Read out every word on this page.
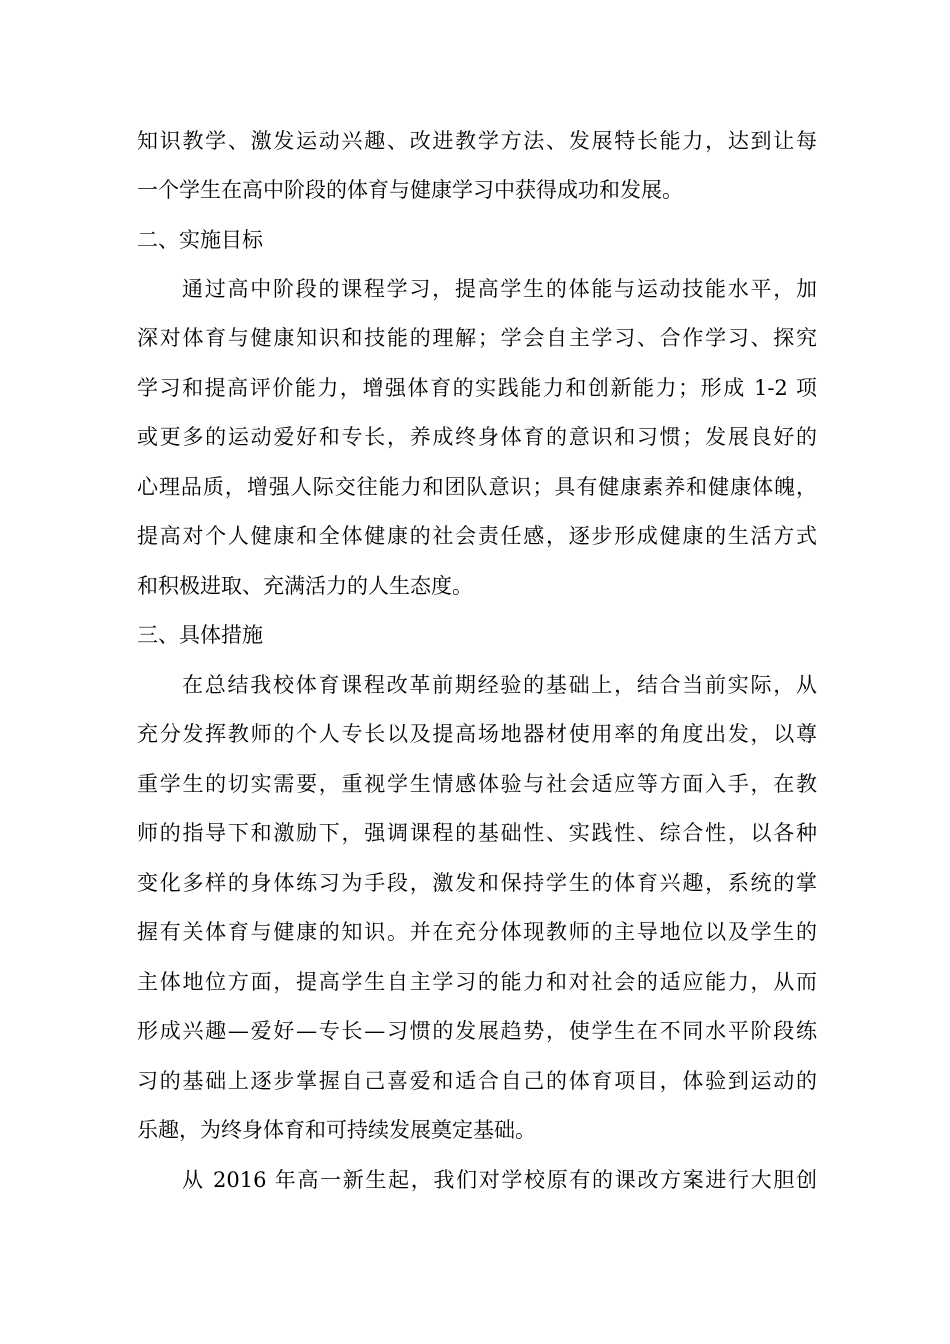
知识教学、激发运动兴趣、改进教学方法、发展特长能力，达到让每
一个学生在高中阶段的体育与健康学习中获得成功和发展。
二、实施目标
通过高中阶段的课程学习，提高学生的体能与运动技能水平，加
深对体育与健康知识和技能的理解；学会自主学习、合作学习、探究
学习和提高评价能力，增强体育的实践能力和创新能力；形成 1-2 项
或更多的运动爱好和专长，养成终身体育的意识和习惯；发展良好的
心理品质，增强人际交往能力和团队意识；具有健康素养和健康体魄，
提高对个人健康和全体健康的社会责任感，逐步形成健康的生活方式
和积极进取、充满活力的人生态度。
三、具体措施
在总结我校体育课程改革前期经验的基础上，结合当前实际，从
充分发挥教师的个人专长以及提高场地器材使用率的角度出发，以尊
重学生的切实需要，重视学生情感体验与社会适应等方面入手，在教
师的指导下和激励下，强调课程的基础性、实践性、综合性，以各种
变化多样的身体练习为手段，激发和保持学生的体育兴趣，系统的掌
握有关体育与健康的知识。并在充分体现教师的主导地位以及学生的
主体地位方面，提高学生自主学习的能力和对社会的适应能力，从而
形成兴趣—爱好—专长—习惯的发展趋势，使学生在不同水平阶段练
习的基础上逐步掌握自己喜爱和适合自己的体育项目，体验到运动的
乐趣，为终身体育和可持续发展奠定基础。
从 2016 年高一新生起，我们对学校原有的课改方案进行大胆创
